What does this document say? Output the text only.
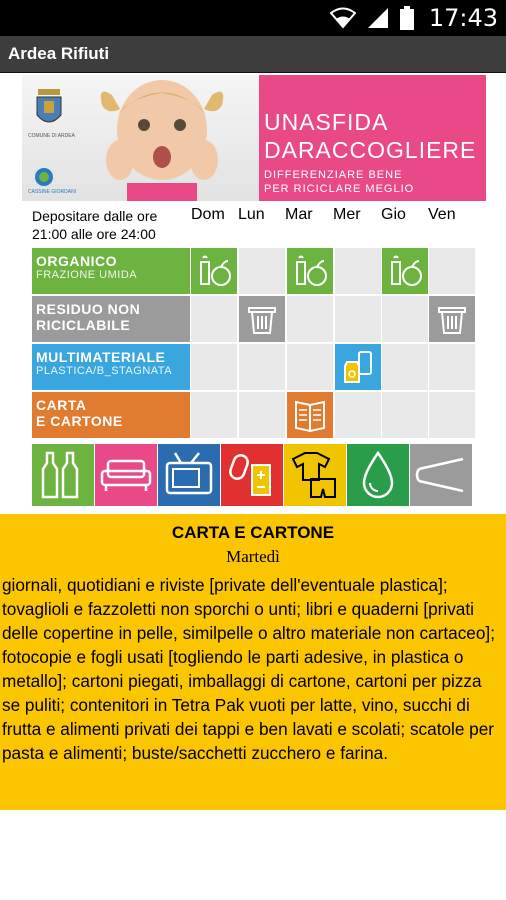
17:43
Ardea Rifiuti
COMUNE DI ARDEA
CASSINE GIORDANI
UNASFIDA
DARACCOGLIERE
DIFFERENZIARE BENE
PER RICICLARE MEGLIO
Depositare dalle ore 21:00 alle ore 24:00
Dom Lun Mar Mer Gio Ven
ORGANICO
FRAZIONE UMIDA
RESIDUO NON
RICICLABILE
MULTIMATERIALE
PLASTICA/B_STAGNATA
CARTA
E CARTONE
CARTA E CARTONE
Martedì
giornali, quotidiani e riviste [private dell'eventuale plastica]; tovaglioli e fazzoletti non sporchi o unti; libri e quaderni [privati delle copertine in pelle, similpelle o altro materiale non cartaceo]; fotocopie e fogli usati [togliendo le parti adesive, in plastica o metallo]; cartoni piegati, imballaggi di cartone, cartoni per pizza se puliti; contenitori in Tetra Pak vuoti per latte, vino, succhi di frutta e alimenti privati dei tappi e ben lavati e scolati; scatole per pasta e alimenti; buste/sacchetti zucchero e farina.
